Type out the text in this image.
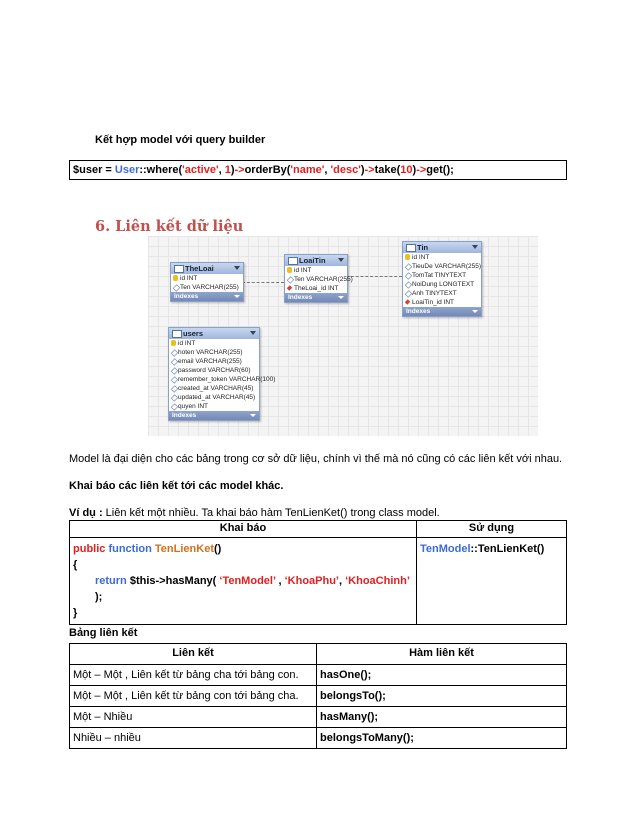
Kết hợp model với query builder
$user = User::where('active', 1)->orderBy('name', 'desc')->take(10)->get();
6. Liên kết dữ liệu
TheLoai
id INT
Ten VARCHAR(255)
Indexes
LoaiTin
id INT
Ten VARCHAR(255)
TheLoai_id INT
Indexes
Tin
id INT
TieuDe VARCHAR(255)
TomTat TINYTEXT
NoiDung LONGTEXT
Anh TINYTEXT
LoaiTin_id INT
Indexes
users
id INT
hoten VARCHAR(255)
email VARCHAR(255)
password VARCHAR(60)
remember_token VARCHAR(100)
created_at VARCHAR(45)
updated_at VARCHAR(45)
quyen INT
Indexes
Model là đại diện cho các bảng trong cơ sở dữ liệu, chính vì thế mà nó cũng có các liên kết với nhau.
Khai báo các liên kết tới các model khác.
Ví dụ : Liên kết một nhiều. Ta khai báo hàm TenLienKet() trong class model.
Khai báo	Sử dụng

public function TenLienKet()
{
return $this->hasMany( ‘TenModel’ , ‘KhoaPhu’, ‘KhoaChinh’ );
}	TenModel::TenLienKet()
Bảng liên kết
Liên kết	Hàm liên kết
Một – Một , Liên kết từ bảng cha tới bảng con.	hasOne();
Một – Một , Liên kết từ bảng con tới bảng cha.	belongsTo();
Một – Nhiều	hasMany();
Nhiều – nhiều	belongsToMany();
